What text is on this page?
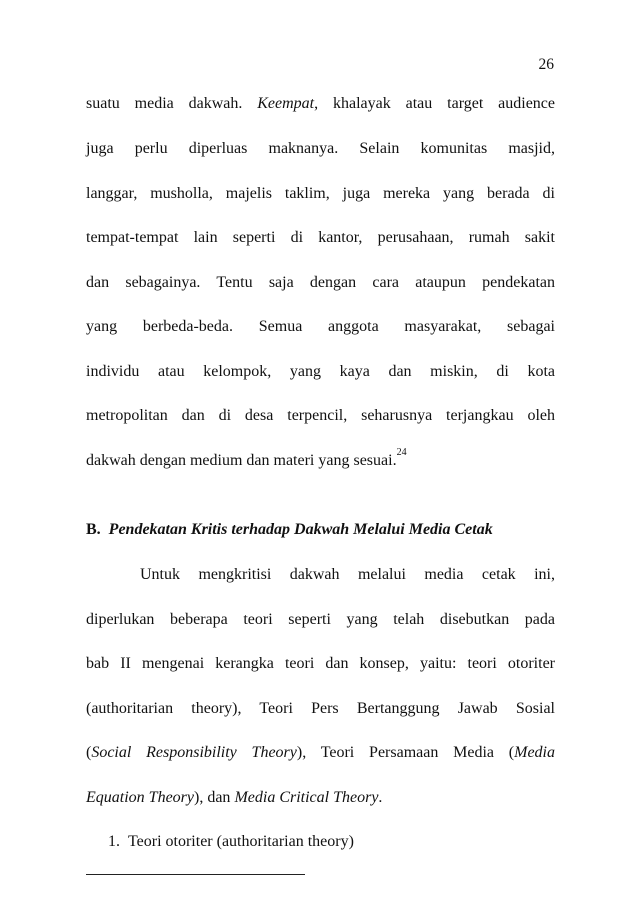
26
suatu media dakwah. Keempat, khalayak atau target audience
juga perlu diperluas maknanya. Selain komunitas masjid,
langgar, musholla, majelis taklim, juga mereka yang berada di
tempat-tempat lain seperti di kantor, perusahaan, rumah sakit
dan sebagainya. Tentu saja dengan cara ataupun pendekatan
yang berbeda-beda. Semua anggota masyarakat, sebagai
individu atau kelompok, yang kaya dan miskin, di kota
metropolitan dan di desa terpencil, seharusnya terjangkau oleh
dakwah dengan medium dan materi yang sesuai.$^{24}$
B. Pendekatan Kritis terhadap Dakwah Melalui Media Cetak
Untuk mengkritisi dakwah melalui media cetak ini,
diperlukan beberapa teori seperti yang telah disebutkan pada
bab II mengenai kerangka teori dan konsep, yaitu: teori otoriter
(authoritarian theory), Teori Pers Bertanggung Jawab Sosial
(Social Responsibility Theory), Teori Persamaan Media (Media
Equation Theory), dan Media Critical Theory.
1. Teori otoriter (authoritarian theory)
